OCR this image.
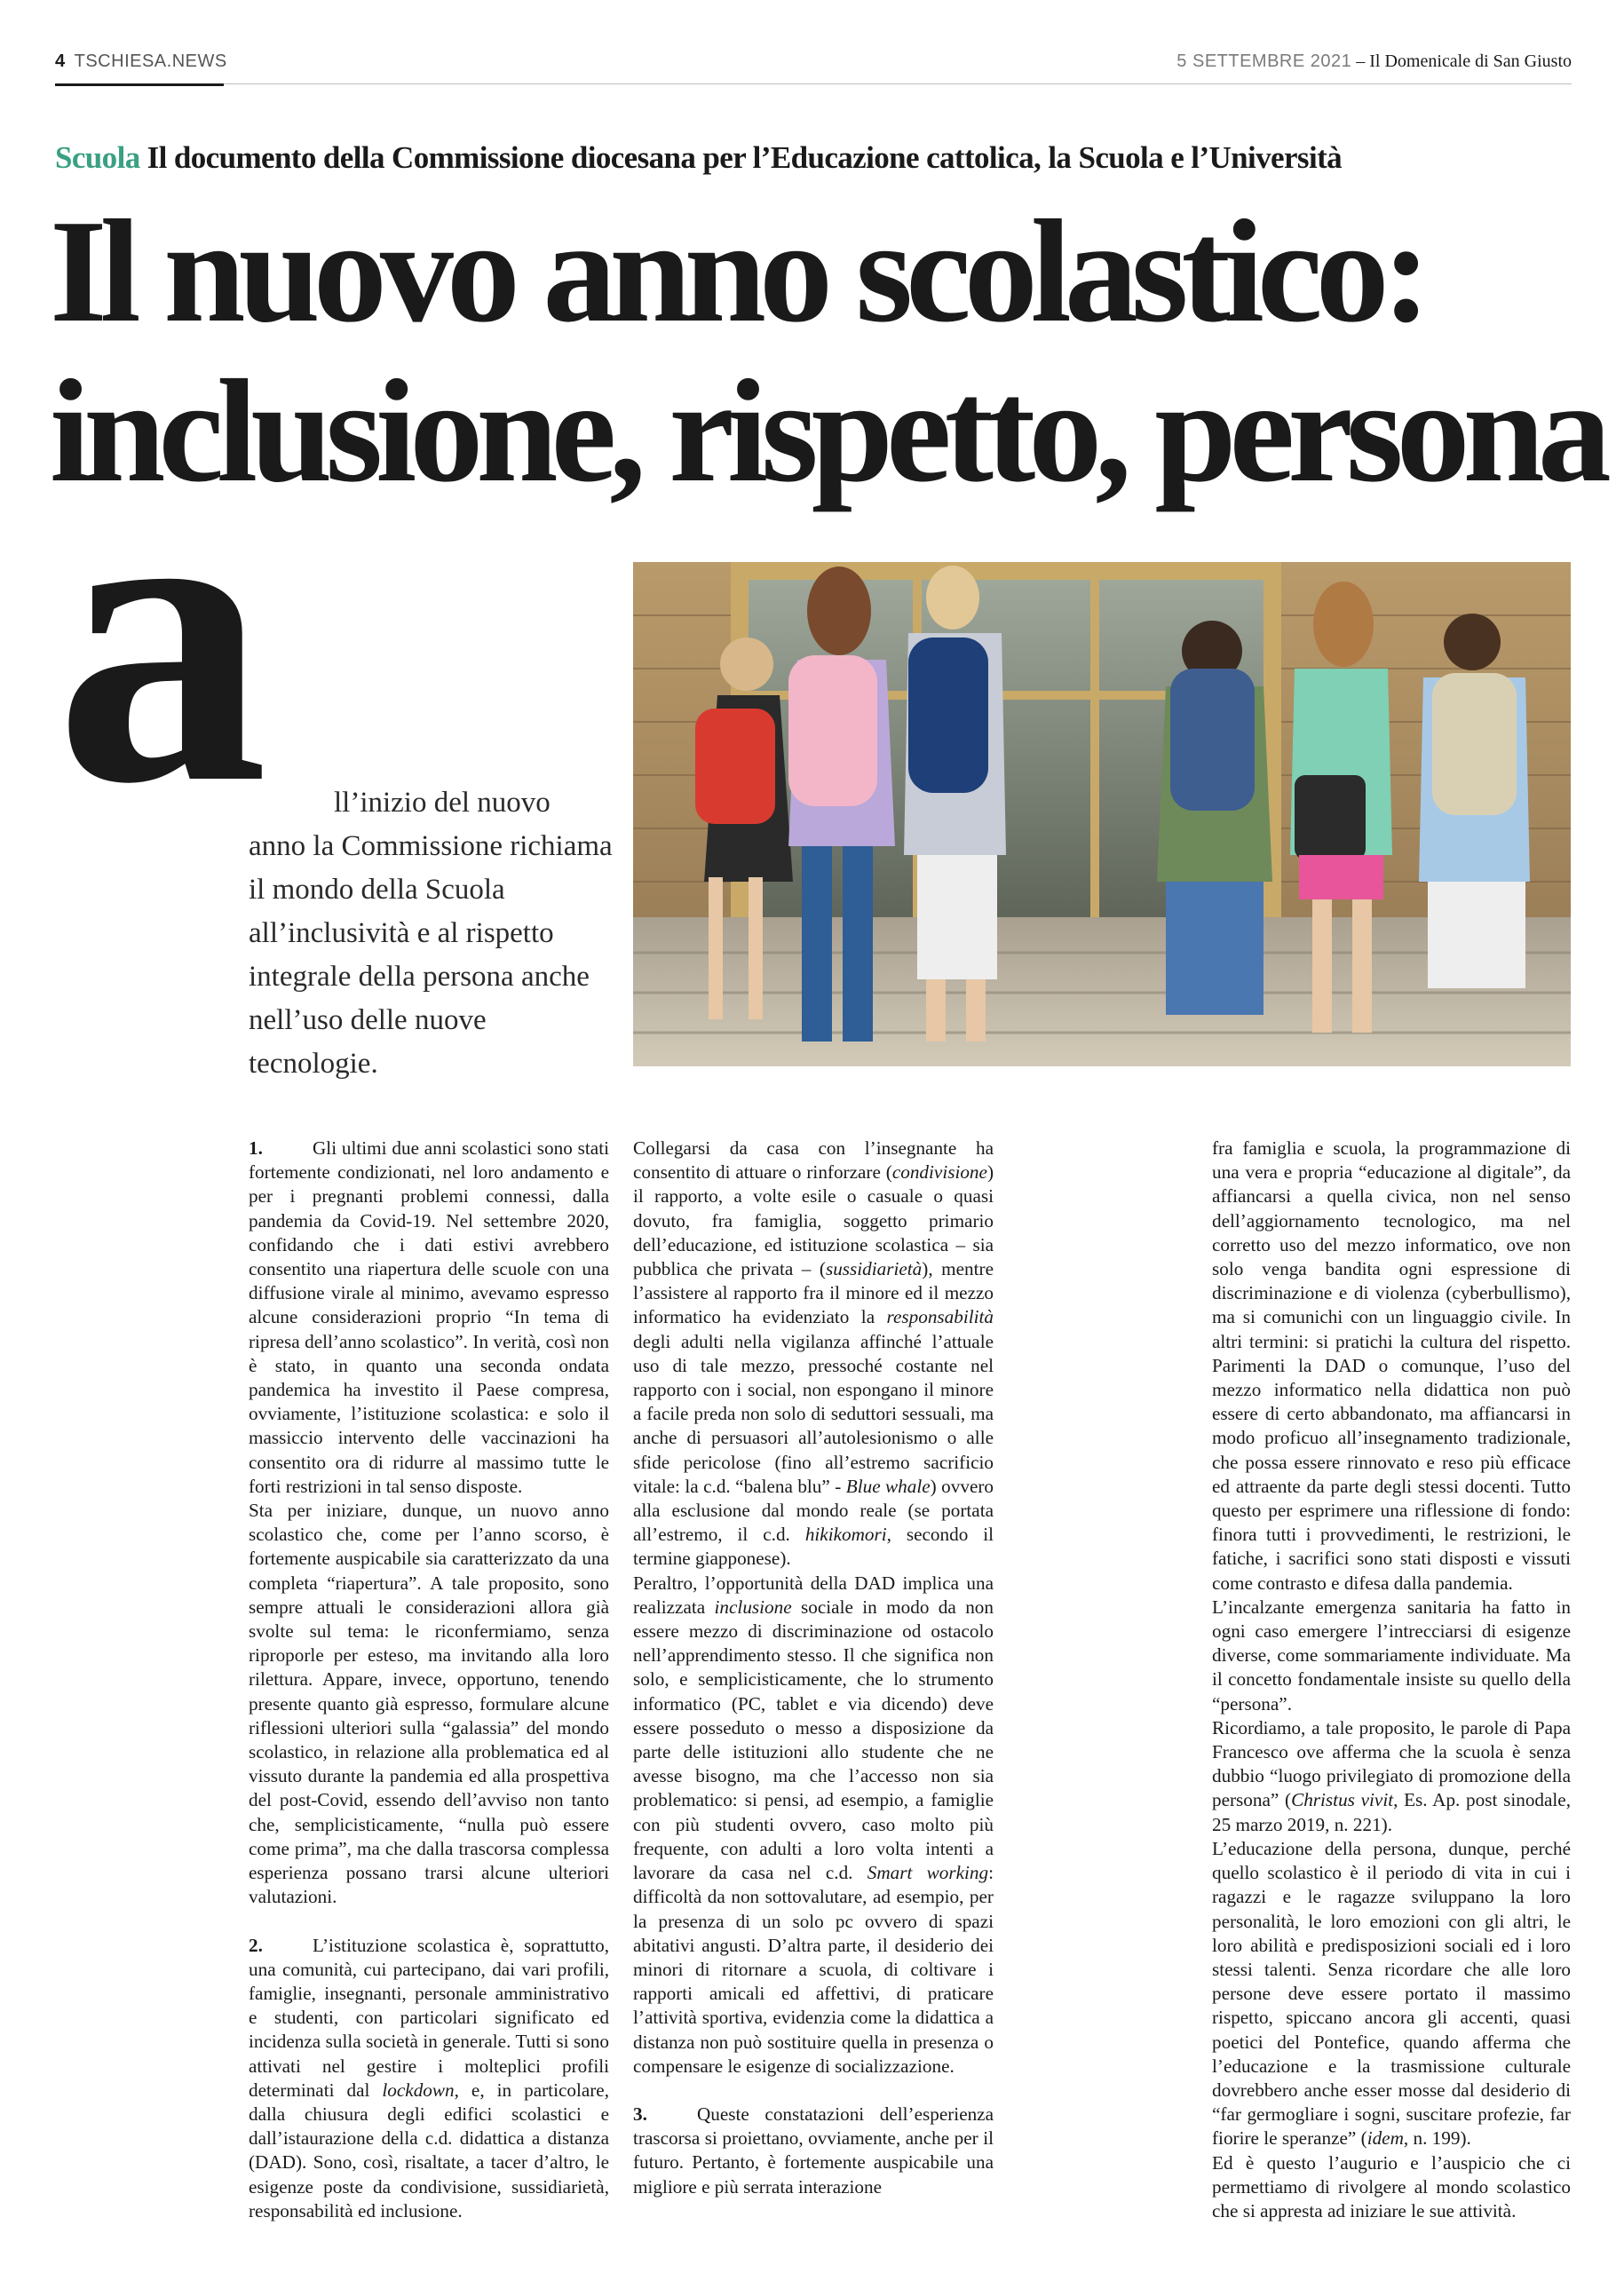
4 TSCHIESA.NEWS	5 SETTEMBRE 2021 – Il Domenicale di San Giusto
Scuola Il documento della Commissione diocesana per l’Educazione cattolica, la Scuola e l’Università
Il nuovo anno scolastico:
inclusione, rispetto, persona
a	ll’inizio del nuovo
anno la Commissione richiama il mondo della Scuola all’inclusività e al rispetto integrale della persona anche nell’uso delle nuove tecnologie.

1.	Gli ultimi due anni scolastici sono stati fortemente condizionati, nel loro andamento e per i pregnanti problemi connessi, dalla pandemia da Covid-19. Nel settembre 2020, confidando che i dati estivi avrebbero consentito una riapertura delle scuole con una diffusione virale al minimo, avevamo espresso alcune considerazioni proprio “In tema di ripresa dell’anno scolastico”. In verità, così non è stato, in quanto una seconda ondata pandemica ha investito il Paese compresa, ovviamente, l’istituzione scolastica: e solo il massiccio intervento delle vaccinazioni ha consentito ora di ridurre al massimo tutte le forti restrizioni in tal senso disposte.

Sta per iniziare, dunque, un nuovo anno scolastico che, come per l’anno scorso, è fortemente auspicabile sia caratterizzato da una completa “riapertura”. A tale proposito, sono sempre attuali le considerazioni allora già svolte sul tema: le riconfermiamo, senza riproporle per esteso, ma invitando alla loro rilettura. Appare, invece, opportuno, tenendo presente quanto già espresso, formulare alcune riflessioni ulteriori sulla “galassia” del mondo scolastico, in relazione alla problematica ed al vissuto durante la pandemia ed alla prospettiva del post-Covid, essendo dell’avviso non tanto che, semplicisticamente, “nulla può essere come prima”, ma che dalla trascorsa complessa esperienza possano trarsi alcune ulteriori valutazioni.

2.	L’istituzione scolastica è, soprattutto, una comunità, cui partecipano, dai vari profili, famiglie, insegnanti, personale amministrativo e studenti, con particolari significato ed incidenza sulla società in generale. Tutti si sono attivati nel gestire i molteplici profili determinati dal lockdown, e, in particolare, dalla chiusura degli edifici scolastici e dall’istaurazione della c.d. didattica a distanza (DAD). Sono, così, risaltate, a tacer d’altro, le esigenze poste da condivisione, sussidiarietà, responsabilità ed inclusione.

Collegarsi da casa con l’insegnante ha consentito di attuare o rinforzare (condivisione) il rapporto, a volte esile o casuale o quasi dovuto, fra famiglia, soggetto primario dell’educazione, ed istituzione scolastica – sia pubblica che privata – (sussidiarietà), mentre l’assistere al rapporto fra il minore ed il mezzo informatico ha evidenziato la responsabilità degli adulti nella vigilanza affinché l’attuale uso di tale mezzo, pressoché costante nel rapporto con i social, non espongano il minore a facile preda non solo di seduttori sessuali, ma anche di persuasori all’autolesionismo o alle sfide pericolose (fino all’estremo sacrificio vitale: la c.d. “balena blu” - Blue whale) ovvero alla esclusione dal mondo reale (se portata all’estremo, il c.d. hikikomori, secondo il termine giapponese).

Peraltro, l’opportunità della DAD implica una realizzata inclusione sociale in modo da non essere mezzo di discriminazione od ostacolo nell’apprendimento stesso. Il che significa non solo, e semplicisticamente, che lo strumento informatico (PC, tablet e via dicendo) deve essere posseduto o messo a disposizione da parte delle istituzioni allo studente che ne avesse bisogno, ma che l’accesso non sia problematico: si pensi, ad esempio, a famiglie con più studenti ovvero, caso molto più frequente, con adulti a loro volta intenti a lavorare da casa nel c.d. Smart working: difficoltà da non sottovalutare, ad esempio, per la presenza di un solo pc ovvero di spazi abitativi angusti. D’altra parte, il desiderio dei minori di ritornare a scuola, di coltivare i rapporti amicali ed affettivi, di praticare l’attività sportiva, evidenzia come la didattica a distanza non può sostituire quella in presenza o compensare le esigenze di socializzazione.

3.	Queste constatazioni dell’esperienza trascorsa si proiettano, ovviamente, anche per il futuro. Pertanto, è fortemente auspicabile una migliore e più serrata interazione

fra famiglia e scuola, la programmazione di una vera e propria “educazione al digitale”, da affiancarsi a quella civica, non nel senso dell’aggiornamento tecnologico, ma nel corretto uso del mezzo informatico, ove non solo venga bandita ogni espressione di discriminazione e di violenza (cyberbullismo), ma si comunichi con un linguaggio civile. In altri termini: si pratichi la cultura del rispetto. Parimenti la DAD o comunque, l’uso del mezzo informatico nella didattica non può essere di certo abbandonato, ma affiancarsi in modo proficuo all’insegnamento tradizionale, che possa essere rinnovato e reso più efficace ed attraente da parte degli stessi docenti. Tutto questo per esprimere una riflessione di fondo: finora tutti i provvedimenti, le restrizioni, le fatiche, i sacrifici sono stati disposti e vissuti come contrasto e difesa dalla pandemia.

L’incalzante emergenza sanitaria ha fatto in ogni caso emergere l’intrecciarsi di esigenze diverse, come sommariamente individuate. Ma il concetto fondamentale insiste su quello della “persona”.

Ricordiamo, a tale proposito, le parole di Papa Francesco ove afferma che la scuola è senza dubbio “luogo privilegiato di promozione della persona” (Christus vivit, Es. Ap. post sinodale, 25 marzo 2019, n. 221).

L’educazione della persona, dunque, perché quello scolastico è il periodo di vita in cui i ragazzi e le ragazze sviluppano la loro personalità, le loro emozioni con gli altri, le loro abilità e predisposizioni sociali ed i loro stessi talenti. Senza ricordare che alle loro persone deve essere portato il massimo rispetto, spiccano ancora gli accenti, quasi poetici del Pontefice, quando afferma che l’educazione e la trasmissione culturale dovrebbero anche esser mosse dal desiderio di “far germogliare i sogni, suscitare profezie, far fiorire le speranze” (idem, n. 199).

Ed è questo l’augurio e l’auspicio che ci permettiamo di rivolgere al mondo scolastico che si appresta ad iniziare le sue attività.
